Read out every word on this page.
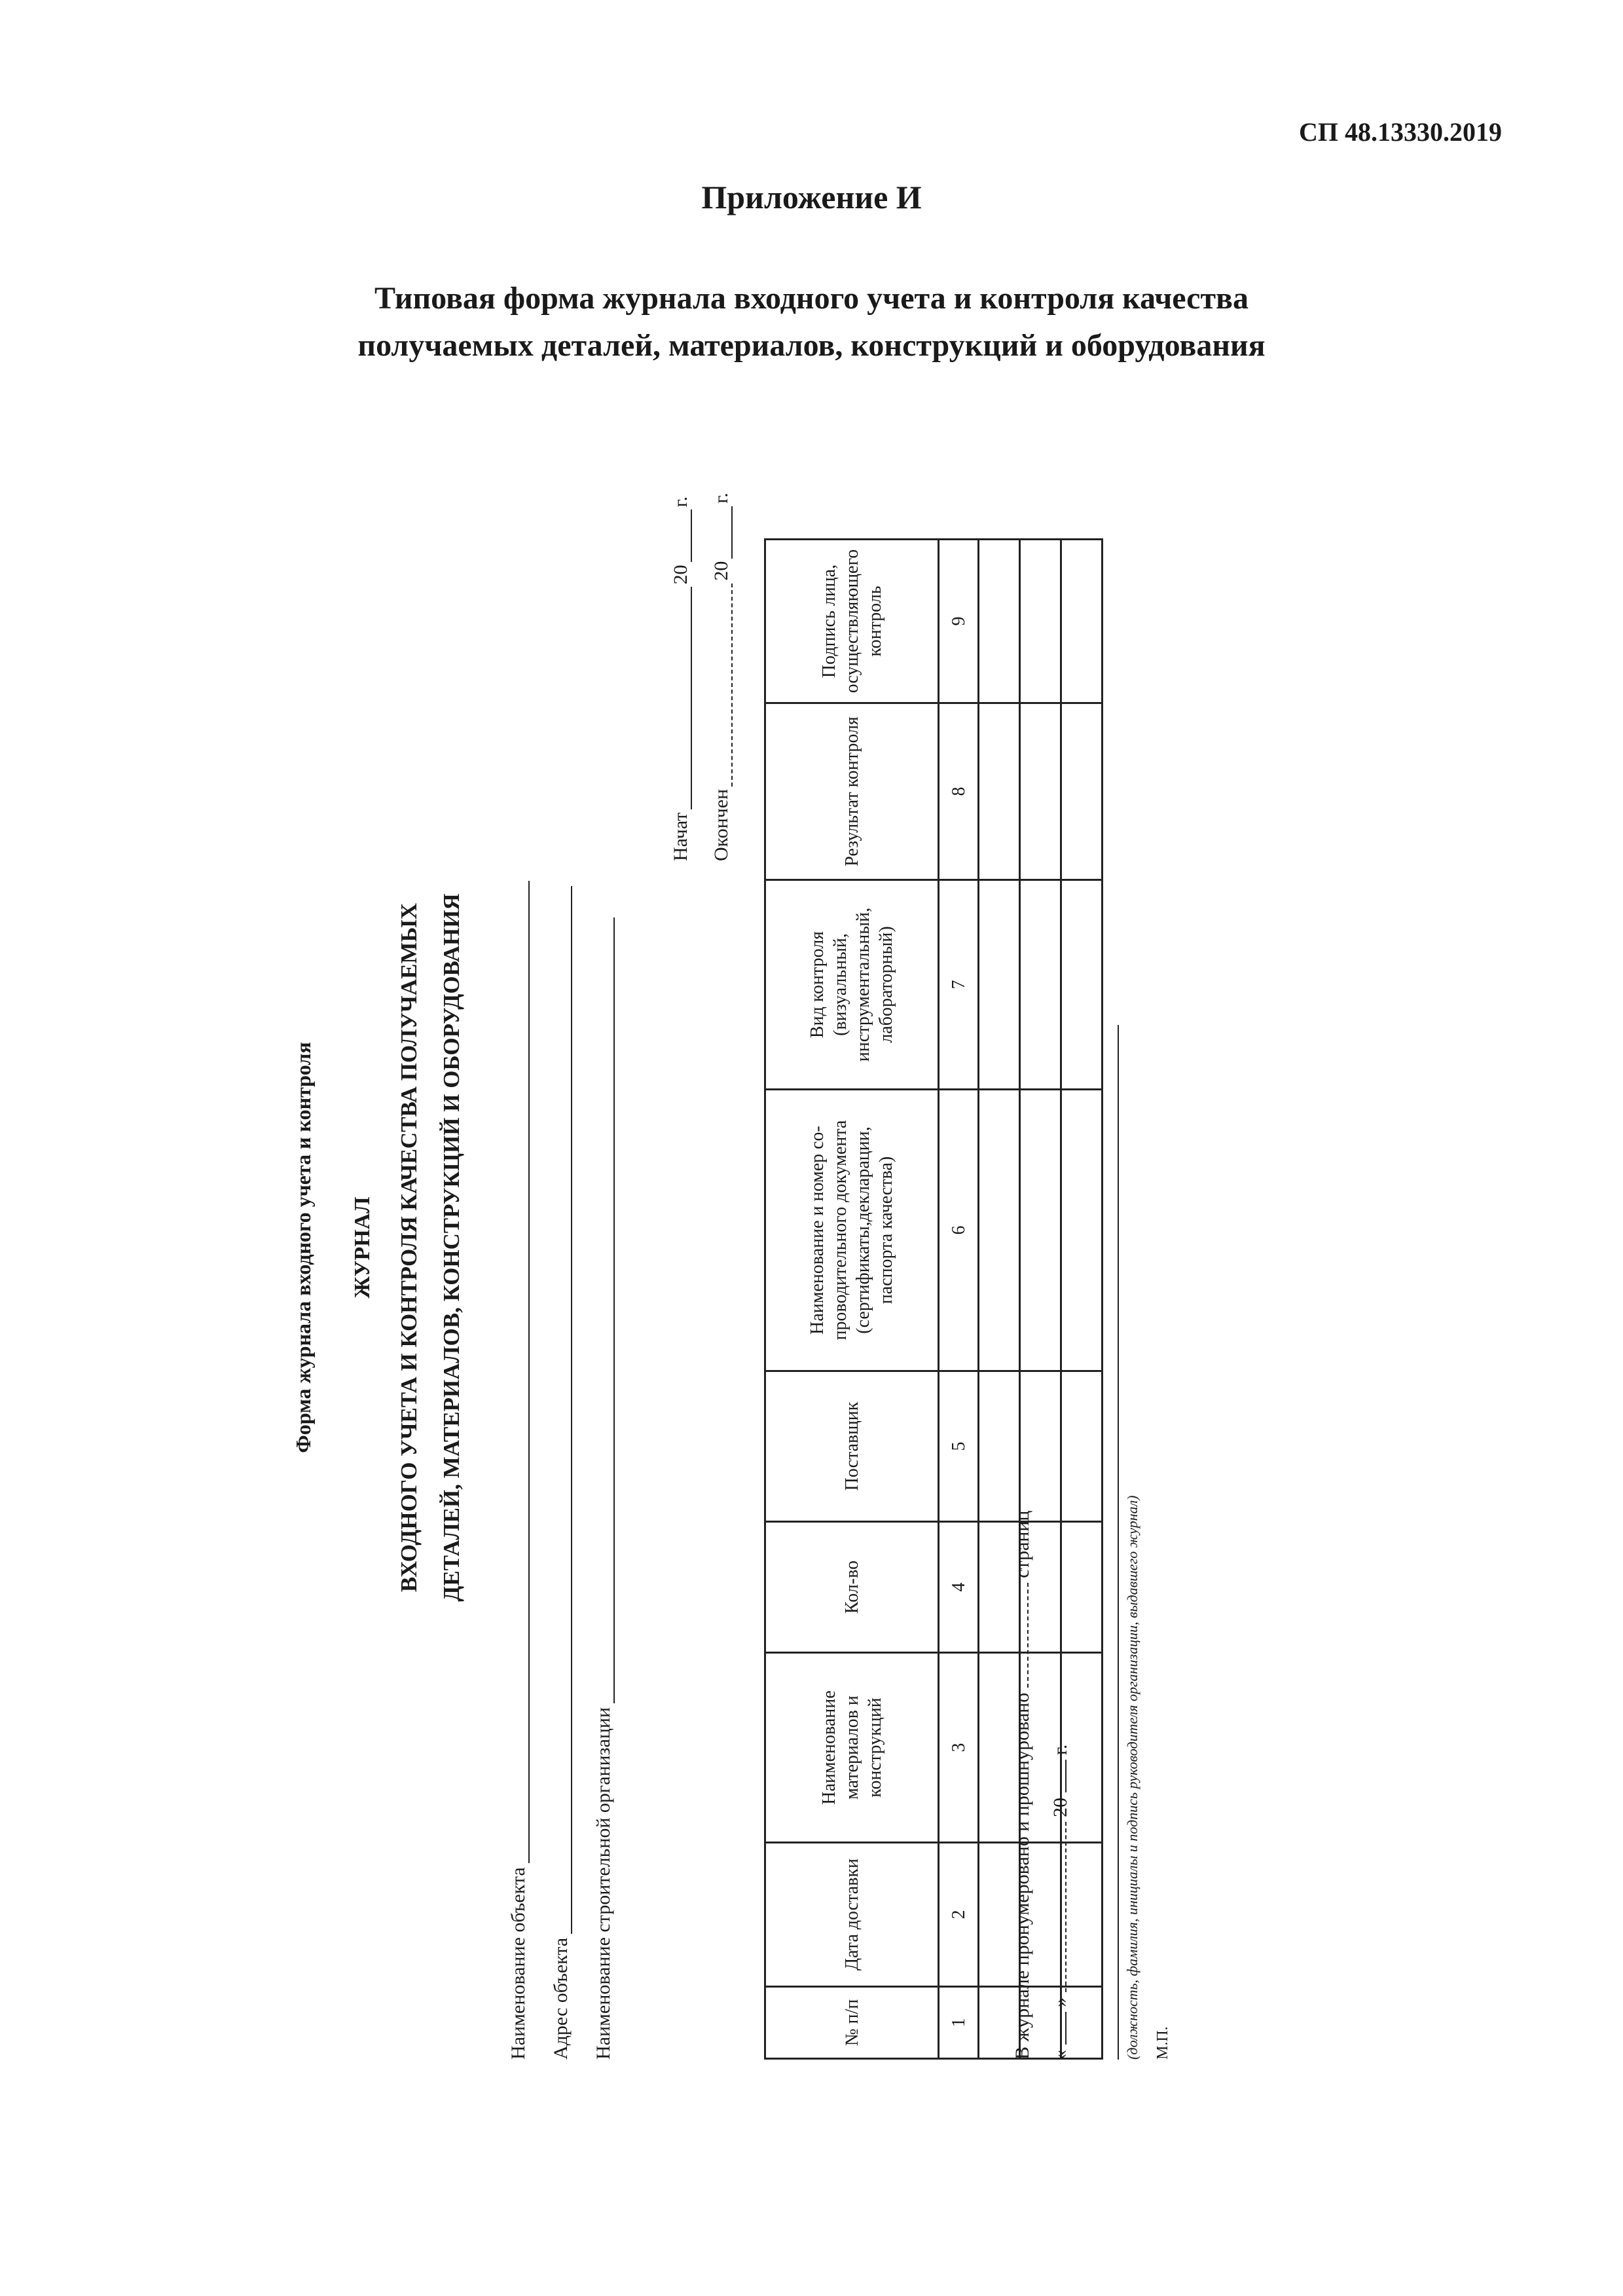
СП 48.13330.2019
Приложение И
Типовая форма журнала входного учета и контроля качества
получаемых деталей, материалов, конструкций и оборудования
Форма журнала входного учета и контроля ЖУРНАЛ ВХОДНОГО УЧЕТА И КОНТРОЛЯ КАЧЕСТВА ПОЛУЧАЕМЫХ ДЕТАЛЕЙ, МАТЕРИАЛОВ, КОНСТРУКЦИЙ И ОБОРУДОВАНИЯ
Наименование объекта Адрес объекта Наименование строительной организации
Начат
20
г.
Окончен
20
г.
№ п/п	Дата доставки	Наименование материалов и конструкций	Кол-во	Поставщик	Наименование и номер со-проводительного документа (сертификаты,декларации, паспорта качества)	Вид контроля (визуальный, инструментальный, лабораторный)	Результат контроля	Подпись лица, осуществляющего контроль
1	2	3	4	5	6	7	8	9

В журнале пронумеровано и прошнуровано  страниц
«  »  20  г.	(должность, фамилия, инициалы и подпись руководителя организации, выдавшего журнал) М.П.
